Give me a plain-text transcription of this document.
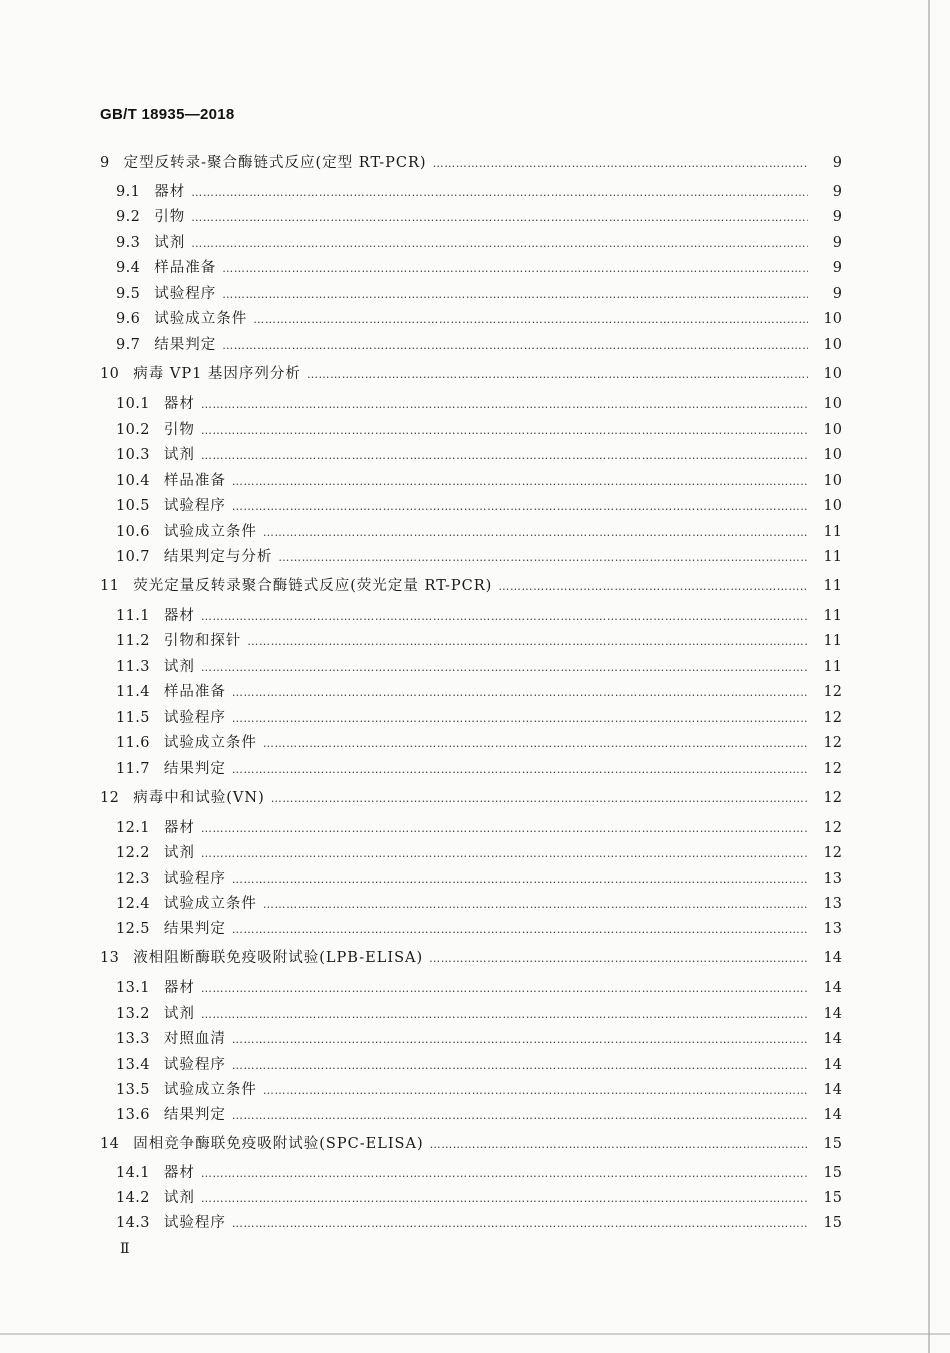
GB/T 18935—2018
9 定型反转录-聚合酶链式反应(定型 RT-PCR) ………………………………………………………………………………………………………………………………………………………………………………………………………………………………………………………………	9
9.1 器材 ………………………………………………………………………………………………………………………………………………………………………………………………………………………………………………………………	9
9.2 引物 ………………………………………………………………………………………………………………………………………………………………………………………………………………………………………………………………	9
9.3 试剂 ………………………………………………………………………………………………………………………………………………………………………………………………………………………………………………………………	9
9.4 样品准备 ………………………………………………………………………………………………………………………………………………………………………………………………………………………………………………………………	9
9.5 试验程序 ………………………………………………………………………………………………………………………………………………………………………………………………………………………………………………………………	9
9.6 试验成立条件 ………………………………………………………………………………………………………………………………………………………………………………………………………………………………………………………………	10
9.7 结果判定 ………………………………………………………………………………………………………………………………………………………………………………………………………………………………………………………………	10
10 病毒 VP1 基因序列分析 ………………………………………………………………………………………………………………………………………………………………………………………………………………………………………………………………	10
10.1 器材 ………………………………………………………………………………………………………………………………………………………………………………………………………………………………………………………………	10
10.2 引物 ………………………………………………………………………………………………………………………………………………………………………………………………………………………………………………………………	10
10.3 试剂 ………………………………………………………………………………………………………………………………………………………………………………………………………………………………………………………………	10
10.4 样品准备 ………………………………………………………………………………………………………………………………………………………………………………………………………………………………………………………………	10
10.5 试验程序 ………………………………………………………………………………………………………………………………………………………………………………………………………………………………………………………………	10
10.6 试验成立条件 ………………………………………………………………………………………………………………………………………………………………………………………………………………………………………………………………	11
10.7 结果判定与分析 ………………………………………………………………………………………………………………………………………………………………………………………………………………………………………………………………	11
11 荧光定量反转录聚合酶链式反应(荧光定量 RT-PCR) ………………………………………………………………………………………………………………………………………………………………………………………………………………………………………………………………	11
11.1 器材 ………………………………………………………………………………………………………………………………………………………………………………………………………………………………………………………………	11
11.2 引物和探针 ………………………………………………………………………………………………………………………………………………………………………………………………………………………………………………………………	11
11.3 试剂 ………………………………………………………………………………………………………………………………………………………………………………………………………………………………………………………………	11
11.4 样品准备 ………………………………………………………………………………………………………………………………………………………………………………………………………………………………………………………………	12
11.5 试验程序 ………………………………………………………………………………………………………………………………………………………………………………………………………………………………………………………………	12
11.6 试验成立条件 ………………………………………………………………………………………………………………………………………………………………………………………………………………………………………………………………	12
11.7 结果判定 ………………………………………………………………………………………………………………………………………………………………………………………………………………………………………………………………	12
12 病毒中和试验(VN) ………………………………………………………………………………………………………………………………………………………………………………………………………………………………………………………………	12
12.1 器材 ………………………………………………………………………………………………………………………………………………………………………………………………………………………………………………………………	12
12.2 试剂 ………………………………………………………………………………………………………………………………………………………………………………………………………………………………………………………………	12
12.3 试验程序 ………………………………………………………………………………………………………………………………………………………………………………………………………………………………………………………………	13
12.4 试验成立条件 ………………………………………………………………………………………………………………………………………………………………………………………………………………………………………………………………	13
12.5 结果判定 ………………………………………………………………………………………………………………………………………………………………………………………………………………………………………………………………	13
13 液相阻断酶联免疫吸附试验(LPB-ELISA) ………………………………………………………………………………………………………………………………………………………………………………………………………………………………………………………………	14
13.1 器材 ………………………………………………………………………………………………………………………………………………………………………………………………………………………………………………………………	14
13.2 试剂 ………………………………………………………………………………………………………………………………………………………………………………………………………………………………………………………………	14
13.3 对照血清 ………………………………………………………………………………………………………………………………………………………………………………………………………………………………………………………………	14
13.4 试验程序 ………………………………………………………………………………………………………………………………………………………………………………………………………………………………………………………………	14
13.5 试验成立条件 ………………………………………………………………………………………………………………………………………………………………………………………………………………………………………………………………	14
13.6 结果判定 ………………………………………………………………………………………………………………………………………………………………………………………………………………………………………………………………	14
14 固相竞争酶联免疫吸附试验(SPC-ELISA) ………………………………………………………………………………………………………………………………………………………………………………………………………………………………………………………………	15
14.1 器材 ………………………………………………………………………………………………………………………………………………………………………………………………………………………………………………………………	15
14.2 试剂 ………………………………………………………………………………………………………………………………………………………………………………………………………………………………………………………………	15
14.3 试验程序 ………………………………………………………………………………………………………………………………………………………………………………………………………………………………………………………………	15
Ⅱ
